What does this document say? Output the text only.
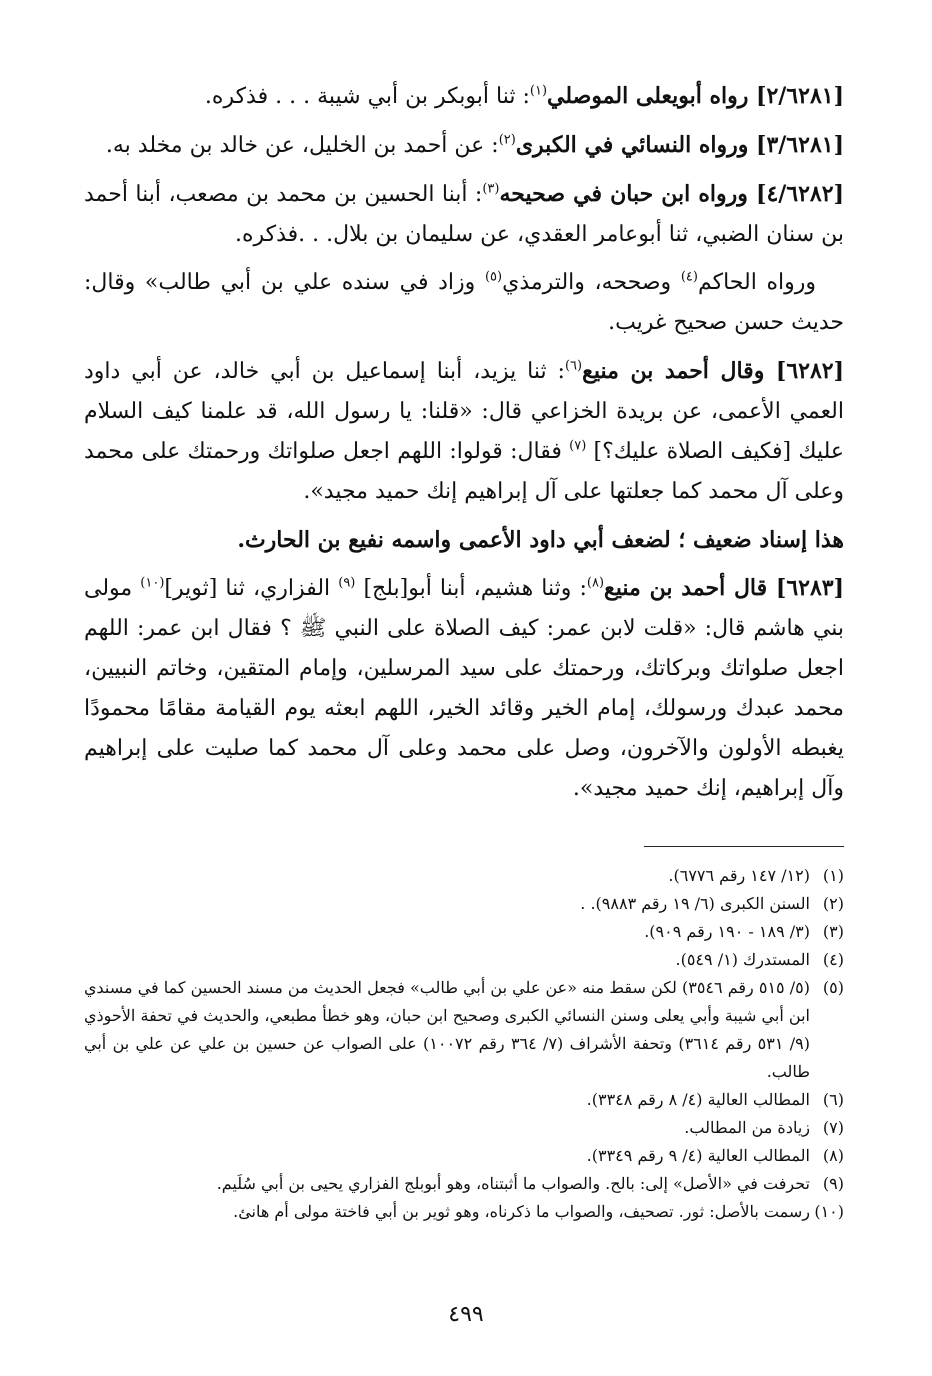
[٢/٦٢٨١] رواه أبويعلى الموصلي$^{(١)}$: ثنا أبوبكر بن أبي شيبة . . . فذكره.

[٣/٦٢٨١] ورواه النسائي في الكبرى$^{(٢)}$: عن أحمد بن الخليل، عن خالد بن مخلد به.

[٤/٦٢٨٢] ورواه ابن حبان في صحيحه$^{(٣)}$: أبنا الحسين بن محمد بن مصعب، أبنا أحمد بن سنان الضبي، ثنا أبوعامر العقدي، عن سليمان بن بلال. . .فذكره.

ورواه الحاكم$^{(٤)}$ وصححه، والترمذي$^{(٥)}$ وزاد في سنده علي بن أبي طالب» وقال: حديث حسن صحيح غريب.

[٦٢٨٢] وقال أحمد بن منيع$^{(٦)}$: ثنا يزيد، أبنا إسماعيل بن أبي خالد، عن أبي داود العمي الأعمى، عن بريدة الخزاعي قال: «قلنا: يا رسول الله، قد علمنا كيف السلام عليك [فكيف الصلاة عليك؟] $^{(٧)}$ فقال: قولوا: اللهم اجعل صلواتك ورحمتك على محمد وعلى آل محمد كما جعلتها على آل إبراهيم إنك حميد مجيد».

هذا إسناد ضعيف ؛ لضعف أبي داود الأعمى واسمه نفيع بن الحارث.

[٦٢٨٣] قال أحمد بن منيع$^{(٨)}$: وثنا هشيم، أبنا أبو[بلج] $^{(٩)}$ الفزاري، ثنا [ثوير]$^{(١٠)}$ مولى بني هاشم قال: «قلت لابن عمر: كيف الصلاة على النبي ﷺ ؟ فقال ابن عمر: اللهم اجعل صلواتك وبركاتك، ورحمتك على سيد المرسلين، وإمام المتقين، وخاتم النبيين، محمد عبدك ورسولك، إمام الخير وقائد الخير، اللهم ابعثه يوم القيامة مقامًا محمودًا يغبطه الأولون والآخرون، وصل على محمد وعلى آل محمد كما صليت على إبراهيم وآل إبراهيم، إنك حميد مجيد».

(١)(١٢/ ١٤٧ رقم ٦٧٧٦).

(٢)السنن الكبرى (٦/ ١٩ رقم ٩٨٨٣). .

(٣)(٣/ ١٨٩ - ١٩٠ رقم ٩٠٩).

(٤)المستدرك (١/ ٥٤٩).

(٥)(٥/ ٥١٥ رقم ٣٥٤٦) لكن سقط منه «عن علي بن أبي طالب» فجعل الحديث من مسند الحسين كما في مسندي ابن أبي شيبة وأبي يعلى وسنن النسائي الكبرى وصحيح ابن حبان، وهو خطأ مطبعي، والحديث في تحفة الأحوذي (٩/ ٥٣١ رقم ٣٦١٤) وتحفة الأشراف (٧/ ٣٦٤ رقم ١٠٠٧٢) على الصواب عن حسين بن علي عن علي بن أبي طالب.

(٦)المطالب العالية (٤/ ٨ رقم ٣٣٤٨).

(٧)زيادة من المطالب.

(٨)المطالب العالية (٤/ ٩ رقم ٣٣٤٩).

(٩)تحرفت في «الأصل» إلى: بالح. والصواب ما أثبتناه، وهو أبوبلج الفزاري يحيى بن أبي سُلَيم.

(١٠)رسمت بالأصل: ثور. تصحيف، والصواب ما ذكرناه، وهو ثوير بن أبي فاختة مولى أم هانئ.

٤٩٩
